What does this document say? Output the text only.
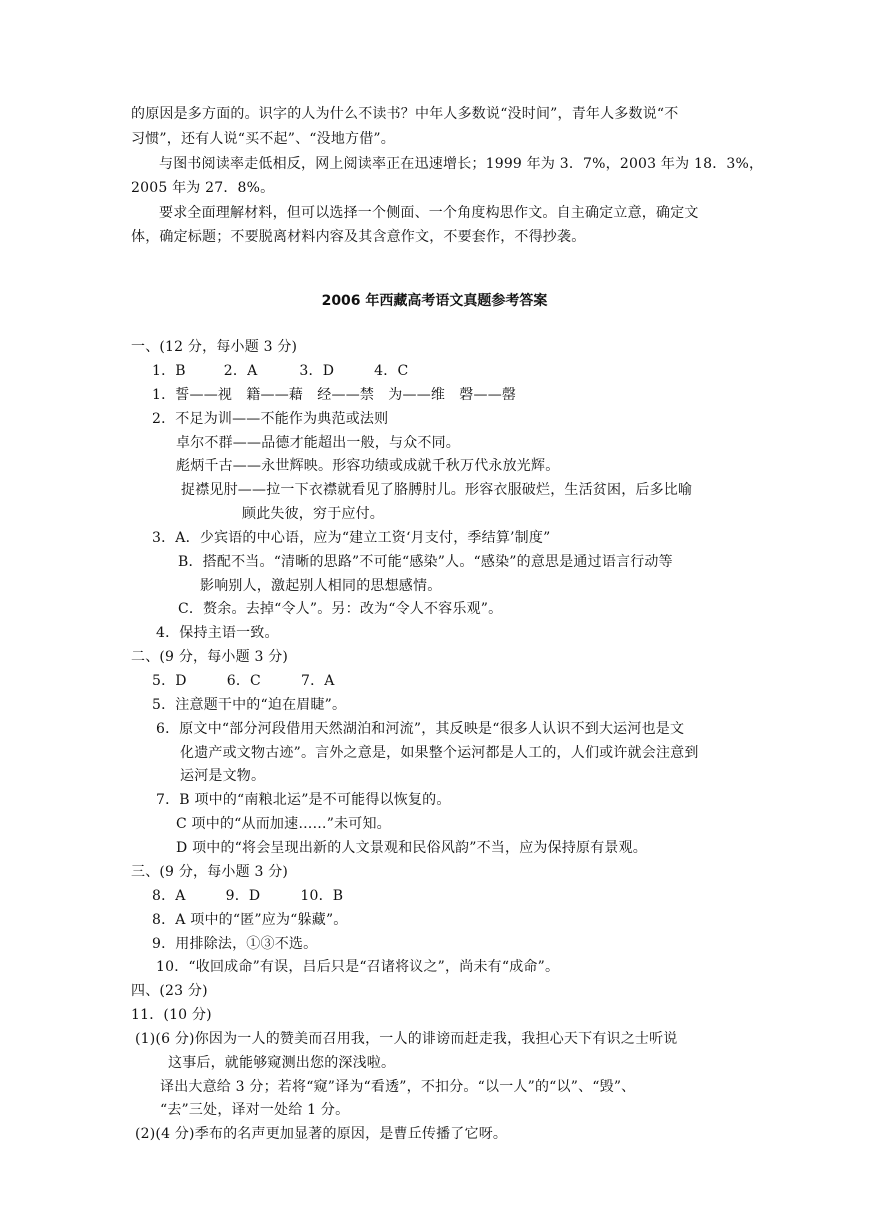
的原因是多方面的。识字的人为什么不读书？中年人多数说“没时间”，青年人多数说“不
习惯”，还有人说“买不起”、“没地方借”。
与图书阅读率走低相反，网上阅读率正在迅速增长；1999 年为 3．7%，2003 年为 18．3%，
2005 年为 27．8%。
要求全面理解材料，但可以选择一个侧面、一个角度构思作文。自主确定立意，确定文
体，确定标题；不要脱离材料内容及其含意作文，不要套作，不得抄袭。
2006 年西藏高考语文真题参考答案
一、(12 分，每小题 3 分)
1．B	2．A	3．D	4．C
1．誓——视　籍——藉　经——禁　为——维　磬——罄
2．不足为训——不能作为典范或法则
卓尔不群——品德才能超出一般，与众不同。
彪炳千古——永世辉映。形容功绩或成就千秋万代永放光辉。
捉襟见肘——拉一下衣襟就看见了胳膊肘儿。形容衣服破烂，生活贫困，后多比喻
顾此失彼，穷于应付。
3．A．少宾语的中心语，应为“建立工资‘月支付，季结算’制度”
B．搭配不当。“清晰的思路”不可能“感染”人。“感染”的意思是通过语言行动等
影响别人，激起别人相同的思想感情。
C．赘余。去掉“令人”。另：改为“令人不容乐观”。
4．保持主语一致。
二、(9 分，每小题 3 分)
5．D	6．C	7．A
5．注意题干中的“迫在眉睫”。
6．原文中“部分河段借用天然湖泊和河流”，其反映是“很多人认识不到大运河也是文
化遗产或文物古迹”。言外之意是，如果整个运河都是人工的，人们或许就会注意到
运河是文物。
7．B 项中的“南粮北运”是不可能得以恢复的。
C 项中的“从而加速……”未可知。
D 项中的“将会呈现出新的人文景观和民俗风韵”不当，应为保持原有景观。
三、(9 分，每小题 3 分)
8．A	9．D	10．B
8．A 项中的“匿”应为“躲藏”。
9．用排除法，①③不选。
10．“收回成命”有误，吕后只是“召诸将议之”，尚未有“成命”。
四、(23 分)
11．(10 分)
(1)(6 分)你因为一人的赞美而召用我，一人的诽谤而赶走我，我担心天下有识之士听说
这事后，就能够窥测出您的深浅啦。
译出大意给 3 分；若将“窥”译为“看透”，不扣分。“以一人”的“以”、“毁”、
“去”三处，译对一处给 1 分。
(2)(4 分)季布的名声更加显著的原因，是曹丘传播了它呀。
